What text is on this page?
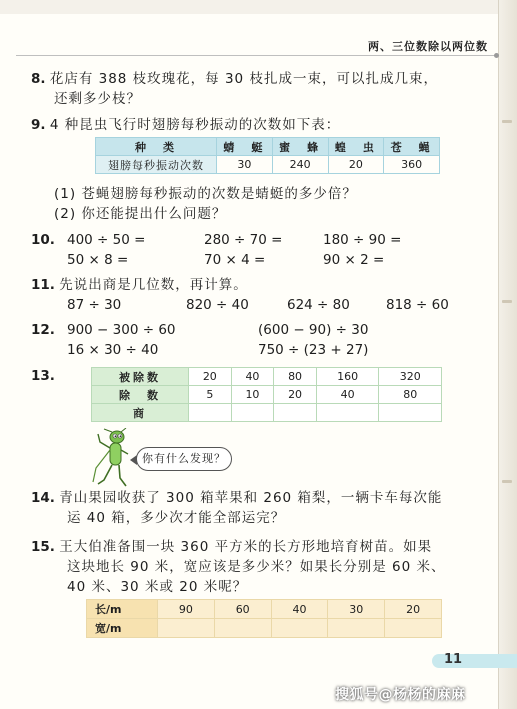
两、三位数除以两位数
8. 花店有 388 枝玫瑰花，每 30 枝扎成一束，可以扎成几束，
还剩多少枝？
9. 4 种昆虫飞行时翅膀每秒振动的次数如下表：
种　类	蜻　蜓	蜜　蜂	蝗　虫	苍　蝇
翅膀每秒振动次数	30	240	20	360
(1) 苍蝇翅膀每秒振动的次数是蜻蜓的多少倍？
(2) 你还能提出什么问题？
10. 400 ÷ 50 =	280 ÷ 70 =	180 ÷ 90 =
50 × 8 =	70 × 4 =	90 × 2 =
11. 先说出商是几位数，再计算。
87 ÷ 30	820 ÷ 40	624 ÷ 80	818 ÷ 60
12. 900 − 300 ÷ 60	(600 − 90) ÷ 30
16 × 30 ÷ 40	750 ÷ (23 + 27)
13.	被除数	20	40	80	160	320
除　数	5	10	20	40	80
商					
你有什么发现？
14. 青山果园收获了 300 箱苹果和 260 箱梨，一辆卡车每次能
运 40 箱，多少次才能全部运完？
15. 王大伯准备围一块 360 平方米的长方形地培育树苗。如果
这块地长 90 米，宽应该是多少米？如果长分别是 60 米、
40 米、30 米或 20 米呢？
长/m	90	60	40	30	20
宽/m					
11
搜狐号@杨杨的麻麻
